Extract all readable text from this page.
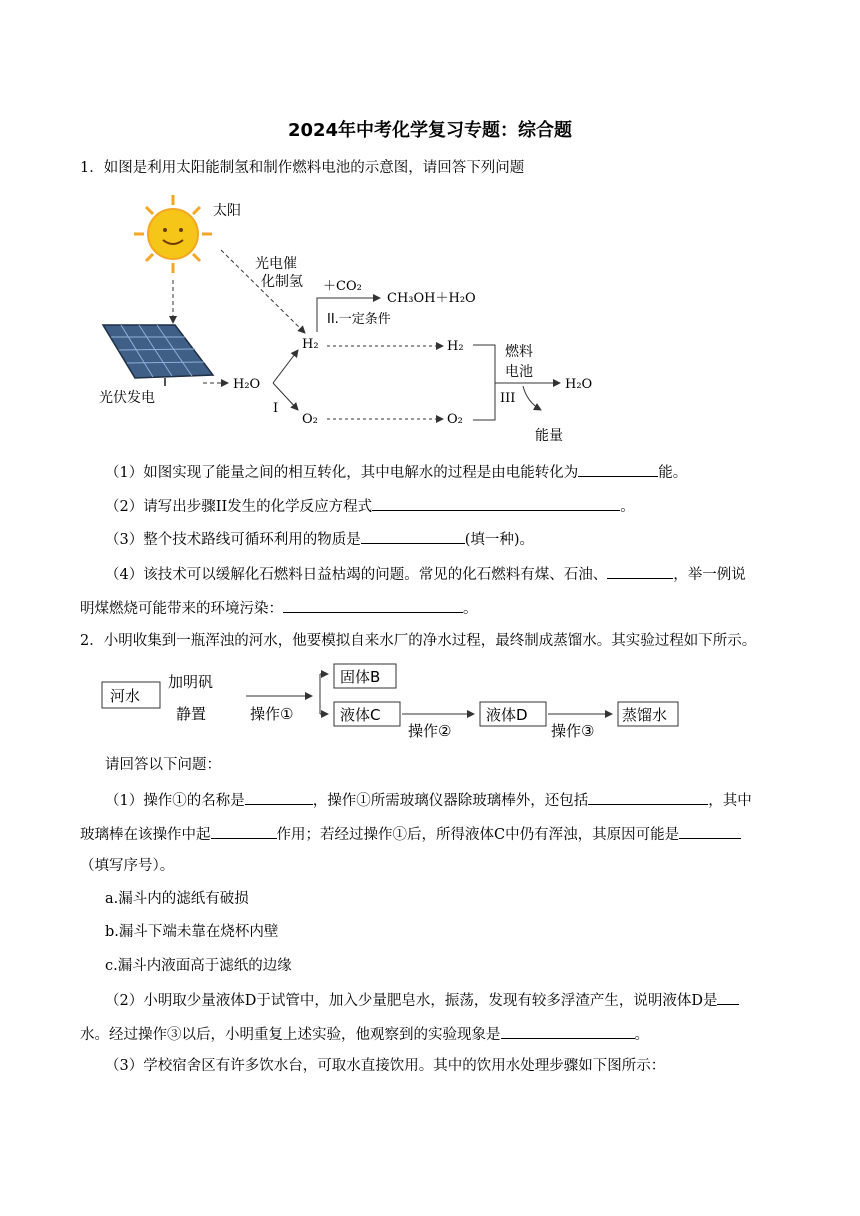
2024年中考化学复习专题：综合题
1．如图是利用太阳能制氢和制作燃料电池的示意图，请回答下列问题
太阳
光电催
化制氢
光伏发电
H₂O
I
H₂
O₂
＋CO₂
CH₃OH＋H₂O
II.一定条件
H₂
O₂
燃料
电池
H₂O
III
能量
（1）如图实现了能量之间的相互转化，其中电解水的过程是由电能转化为	能。
（2）请写出步骤II发生的化学反应方程式	。
（3）整个技术路线可循环利用的物质是	(填一种)。
（4）该技术可以缓解化石燃料日益枯竭的问题。常见的化石燃料有煤、石油、	，举一例说
明煤燃烧可能带来的环境污染：	。
2．小明收集到一瓶浑浊的河水，他要模拟自来水厂的净水过程，最终制成蒸馏水。其实验过程如下所示。
河水
加明矾
静置	操作①
固体B
液体C
操作②
液体D
操作③
蒸馏水
请回答以下问题：
（1）操作①的名称是	，操作①所需玻璃仪器除玻璃棒外，还包括	，其中
玻璃棒在该操作中起	作用；若经过操作①后，所得液体C中仍有浑浊，其原因可能是
（填写序号）。
a.漏斗内的滤纸有破损
b.漏斗下端未靠在烧杯内壁
c.漏斗内液面高于滤纸的边缘
（2）小明取少量液体D于试管中，加入少量肥皂水，振荡，发现有较多浮渣产生，说明液体D是
水。经过操作③以后，小明重复上述实验，他观察到的实验现象是	。
（3）学校宿舍区有许多饮水台，可取水直接饮用。其中的饮用水处理步骤如下图所示：
